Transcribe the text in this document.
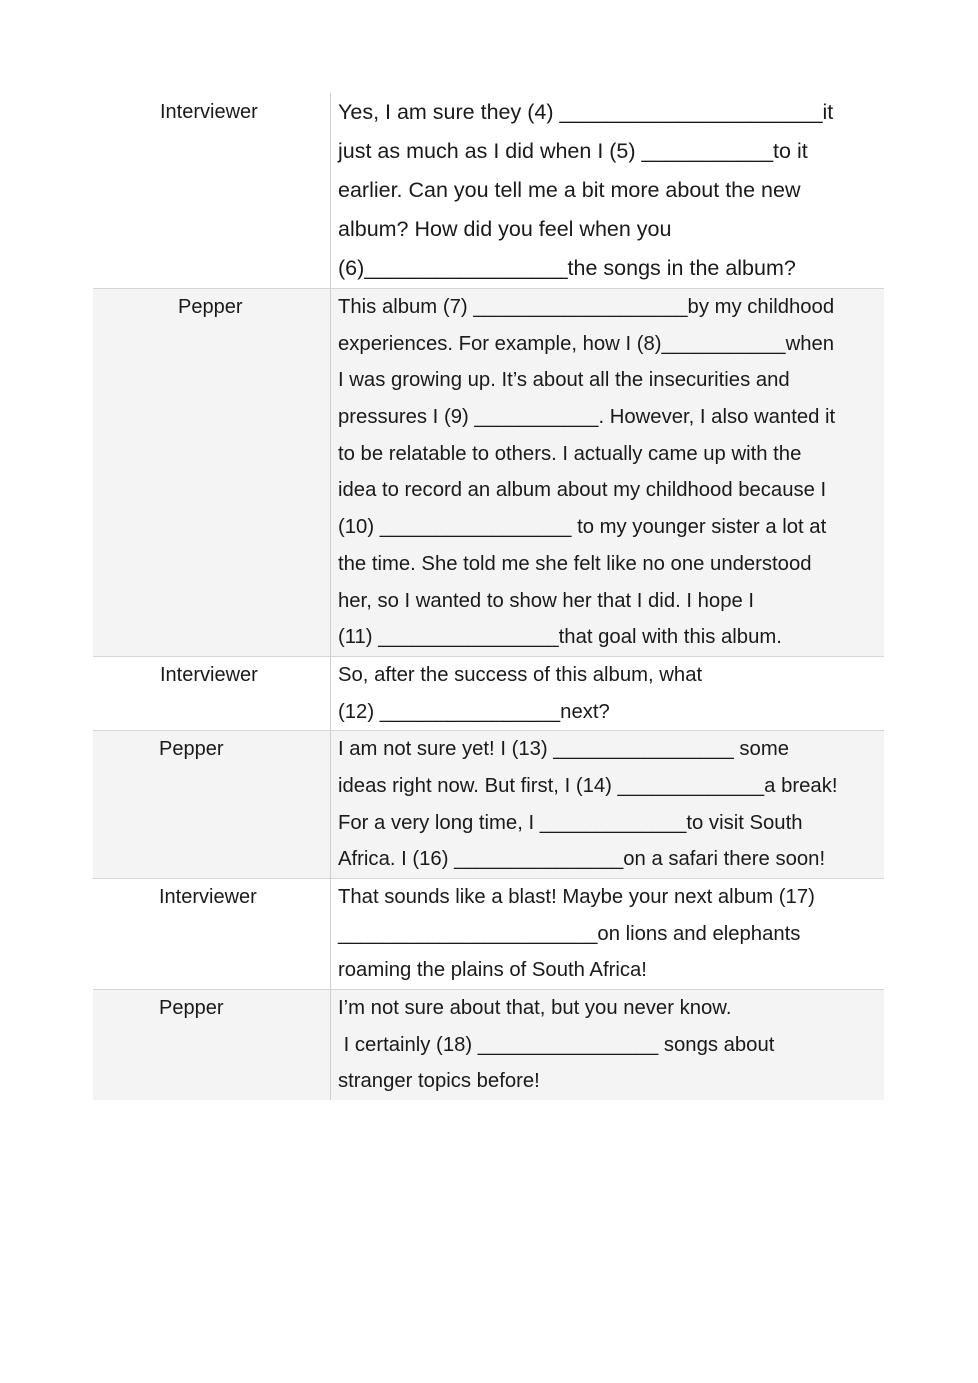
Interviewer	Yes, I am sure they (4) ______________________it
just as much as I did when I (5) ___________to it
earlier. Can you tell me a bit more about the new
album? How did you feel when you
(6)_________________the songs in the album?
Pepper	This album (7) ___________________by my childhood
experiences. For example, how I (8)___________when
I was growing up. It’s about all the insecurities and
pressures I (9) ___________. However, I also wanted it
to be relatable to others. I actually came up with the
idea to record an album about my childhood because I
(10) _________________ to my younger sister a lot at
the time. She told me she felt like no one understood
her, so I wanted to show her that I did. I hope I
(11) ________________that goal with this album.
Interviewer	So, after the success of this album, what
(12) ________________next?
Pepper	I am not sure yet! I (13) ________________ some
ideas right now. But first, I (14) _____________a break!
For a very long time, I _____________to visit South
Africa. I (16) _______________on a safari there soon!
Interviewer	That sounds like a blast! Maybe your next album (17)
_______________________on lions and elephants
roaming the plains of South Africa!
Pepper	I’m not sure about that, but you never know.
I certainly (18) ________________ songs about
stranger topics before!
